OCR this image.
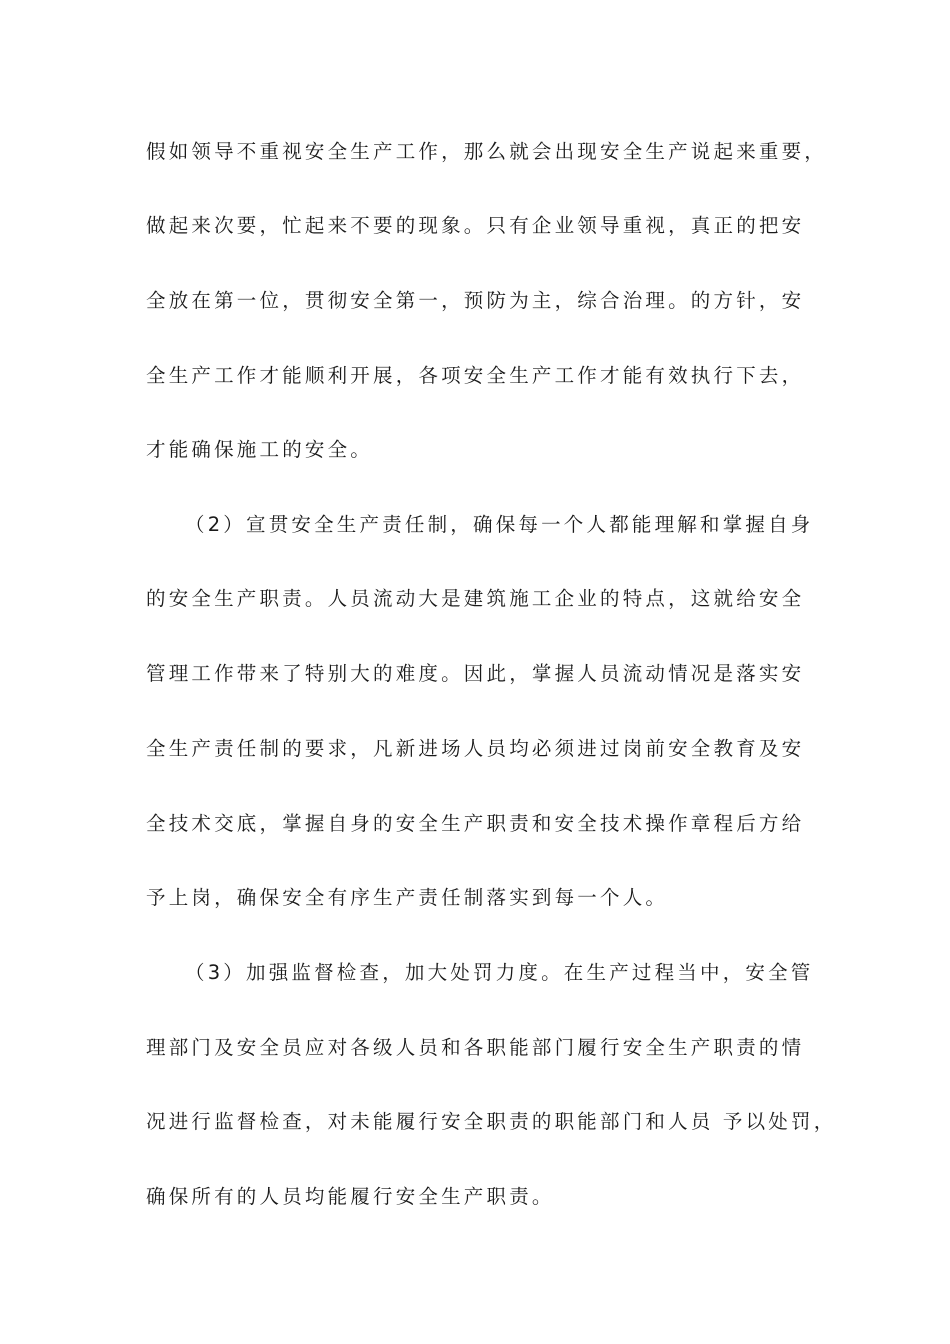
假如领导不重视安全生产工作，那么就会出现安全生产说起来重要，
做起来次要，忙起来不要的现象。只有企业领导重视，真正的把安
全放在第一位，贯彻安全第一，预防为主，综合治理。的方针，安
全生产工作才能顺利开展，各项安全生产工作才能有效执行下去，
才能确保施工的安全。
（2）宣贯安全生产责任制，确保每一个人都能理解和掌握自身
的安全生产职责。人员流动大是建筑施工企业的特点，这就给安全
管理工作带来了特别大的难度。因此，掌握人员流动情况是落实安
全生产责任制的要求，凡新进场人员均必须进过岗前安全教育及安
全技术交底，掌握自身的安全生产职责和安全技术操作章程后方给
予上岗，确保安全有序生产责任制落实到每一个人。
（3）加强监督检查，加大处罚力度。在生产过程当中，安全管
理部门及安全员应对各级人员和各职能部门履行安全生产职责的情
况进行监督检查，对未能履行安全职责的职能部门和人员 予以处罚，
确保所有的人员均能履行安全生产职责。
